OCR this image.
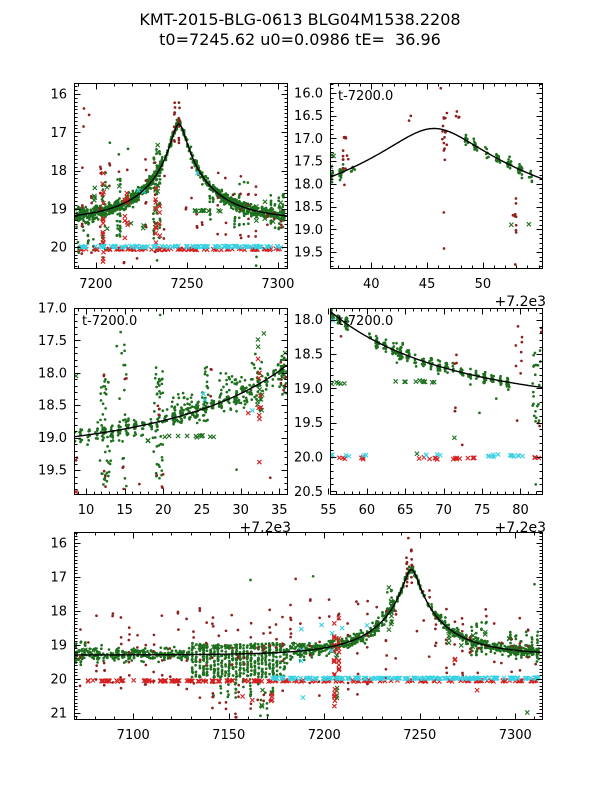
KMT-2015-BLG-0613 BLG04M1538.2208
t0=7245.62 u0=0.0986 tE=  36.96
